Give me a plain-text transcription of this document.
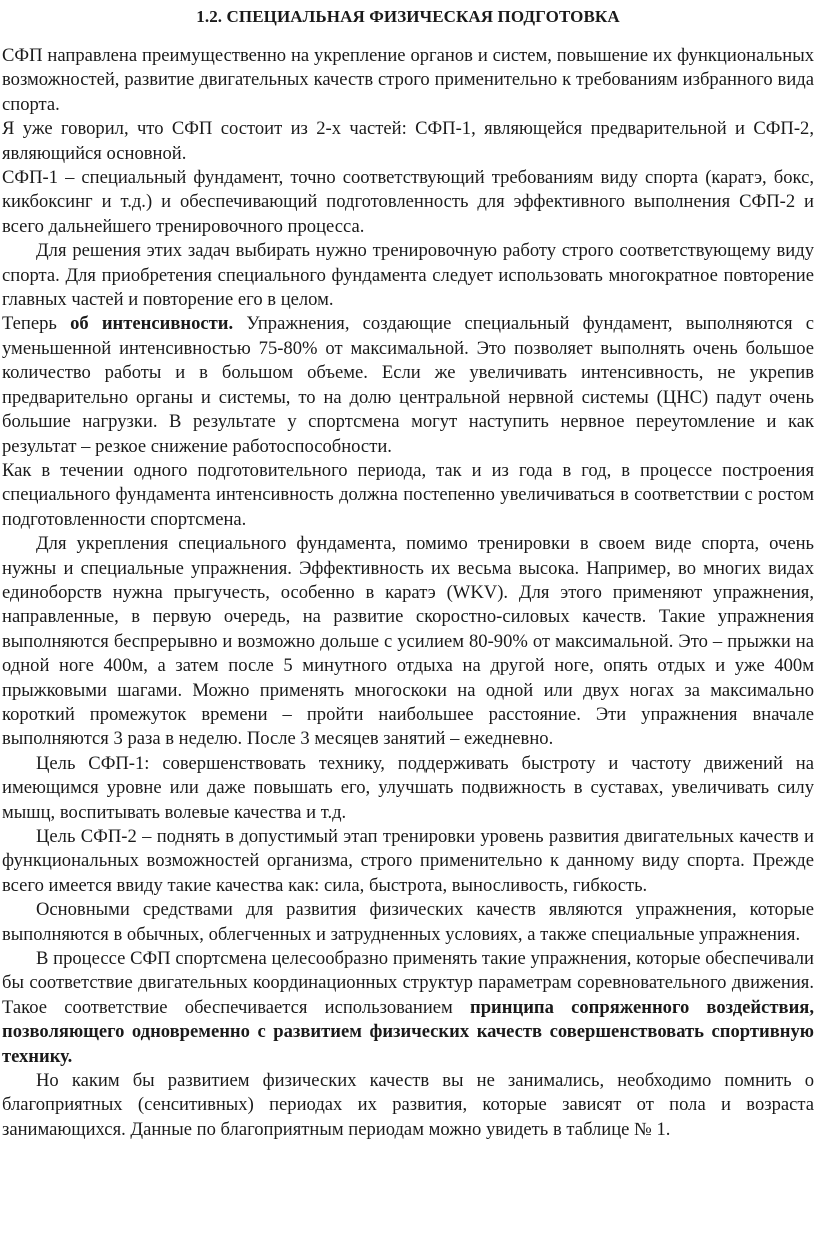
1.2. СПЕЦИАЛЬНАЯ ФИЗИЧЕСКАЯ ПОДГОТОВКА

СФП направлена преимущественно на укрепление органов и систем, повышение их функциональных возможностей, развитие двигательных качеств строго применительно к требованиям избранного вида спорта.

Я уже говорил, что СФП состоит из 2-х частей: СФП-1, являющейся предварительной и СФП-2, являющийся основной.

СФП-1 – специальный фундамент, точно соответствующий требованиям виду спорта (каратэ, бокс, кикбоксинг и т.д.) и обеспечивающий подготовленность для эффективного выполнения СФП-2 и всего дальнейшего тренировочного процесса.

Для решения этих задач выбирать нужно тренировочную работу строго соответствующему виду спорта. Для приобретения специального фундамента следует использовать многократное повторение главных частей и повторение его в целом.

Теперь об интенсивности. Упражнения, создающие специальный фундамент, выполняются с уменьшенной интенсивностью 75-80% от максимальной. Это позволяет выполнять очень большое количество работы и в большом объеме. Если же увеличивать интенсивность, не укрепив предварительно органы и системы, то на долю центральной нервной системы (ЦНС) падут очень большие нагрузки. В результате у спортсмена могут наступить нервное переутомление и как результат – резкое снижение работоспособности.

Как в течении одного подготовительного периода, так и из года в год, в процессе построения специального фундамента интенсивность должна постепенно увеличиваться в соответствии с ростом подготовленности спортсмена.

Для укрепления специального фундамента, помимо тренировки в своем виде спорта, очень нужны и специальные упражнения. Эффективность их весьма высока. Например, во многих видах единоборств нужна прыгучесть, особенно в каратэ (WKV). Для этого применяют упражнения, направленные, в первую очередь, на развитие скоростно-силовых качеств. Такие упражнения выполняются беспрерывно и возможно дольше с усилием 80-90% от максимальной. Это – прыжки на одной ноге 400м, а затем после 5 минутного отдыха на другой ноге, опять отдых и уже 400м прыжковыми шагами. Можно применять многоскоки на одной или двух ногах за максимально короткий промежуток времени – пройти наибольшее расстояние. Эти упражнения вначале выполняются 3 раза в неделю. После 3 месяцев занятий – ежедневно.

Цель СФП-1: совершенствовать технику, поддерживать быстроту и частоту движений на имеющимся уровне или даже повышать его, улучшать подвижность в суставах, увеличивать силу мышц, воспитывать волевые качества и т.д.

Цель СФП-2 – поднять в допустимый этап тренировки уровень развития двигательных качеств и функциональных возможностей организма, строго применительно к данному виду спорта. Прежде всего имеется ввиду такие качества как: сила, быстрота, выносливость, гибкость.

Основными средствами для развития физических качеств являются упражнения, которые выполняются в обычных, облегченных и затрудненных условиях, а также специальные упражнения.

В процессе СФП спортсмена целесообразно применять такие упражнения, которые обеспечивали бы соответствие двигательных координационных структур параметрам соревновательного движения. Такое соответствие обеспечивается использованием принципа сопряженного воздействия, позволяющего одновременно с развитием физических качеств совершенствовать спортивную технику.

Но каким бы развитием физических качеств вы не занимались, необходимо помнить о благоприятных (сенситивных) периодах их развития, которые зависят от пола и возраста занимающихся. Данные по благоприятным периодам можно увидеть в таблице № 1.
